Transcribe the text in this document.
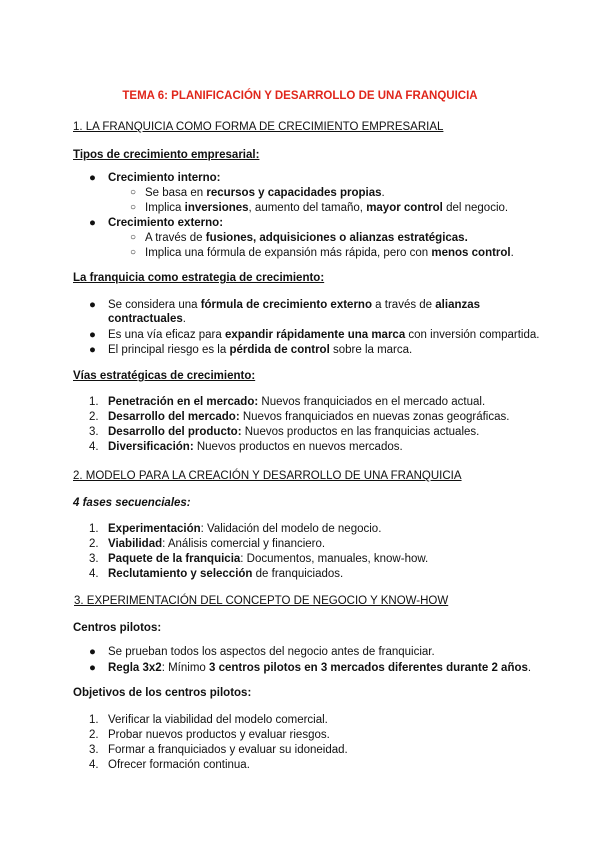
TEMA 6: PLANIFICACIÓN Y DESARROLLO DE UNA FRANQUICIA
1. LA FRANQUICIA COMO FORMA DE CRECIMIENTO EMPRESARIAL
Tipos de crecimiento empresarial:
● Crecimiento interno:
○ Se basa en recursos y capacidades propias.
○ Implica inversiones, aumento del tamaño, mayor control del negocio.
● Crecimiento externo:
○ A través de fusiones, adquisiciones o alianzas estratégicas.
○ Implica una fórmula de expansión más rápida, pero con menos control.
La franquicia como estrategia de crecimiento:
● Se considera una fórmula de crecimiento externo a través de alianzas
contractuales.
● Es una vía eficaz para expandir rápidamente una marca con inversión compartida.
● El principal riesgo es la pérdida de control sobre la marca.
Vías estratégicas de crecimiento:
1. Penetración en el mercado: Nuevos franquiciados en el mercado actual.
2. Desarrollo del mercado: Nuevos franquiciados en nuevas zonas geográficas.
3. Desarrollo del producto: Nuevos productos en las franquicias actuales.
4. Diversificación: Nuevos productos en nuevos mercados.
2. MODELO PARA LA CREACIÓN Y DESARROLLO DE UNA FRANQUICIA
4 fases secuenciales:
1. Experimentación: Validación del modelo de negocio.
2. Viabilidad: Análisis comercial y financiero.
3. Paquete de la franquicia: Documentos, manuales, know-how.
4. Reclutamiento y selección de franquiciados.
3. EXPERIMENTACIÓN DEL CONCEPTO DE NEGOCIO Y KNOW-HOW
Centros pilotos:
● Se prueban todos los aspectos del negocio antes de franquiciar.
● Regla 3x2: Mínimo 3 centros pilotos en 3 mercados diferentes durante 2 años.
Objetivos de los centros pilotos:
1. Verificar la viabilidad del modelo comercial.
2. Probar nuevos productos y evaluar riesgos.
3. Formar a franquiciados y evaluar su idoneidad.
4. Ofrecer formación continua.
